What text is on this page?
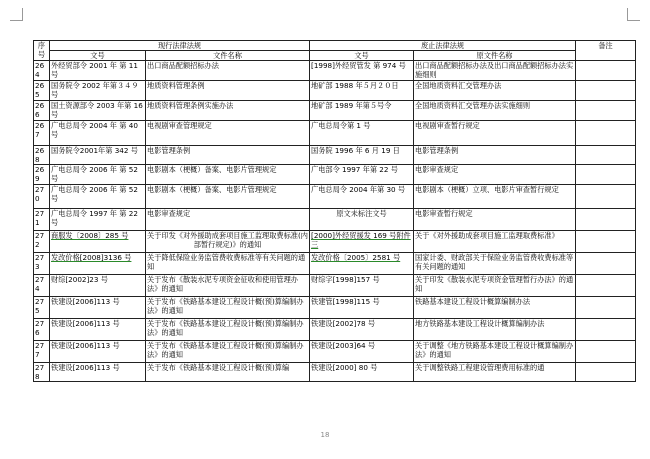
序号	现行法律法规		废止法律法规		备注
	文号	文件名称	文号	原文件名称	
264	外经贸部令 2001 年 第 11 号	出口商品配额招标办法	[1998]外经贸管发 第 974 号	出口商品配额招标办法及出口商品配额招标办法实施细则	
265	国务院令 2002 年第３４９号	地质资料管理条例	地矿部 1988 年５月２０日	全国地质资料汇交管理办法	
266	国土资源部令 2003 年第 16 号	地质资料管理条例实施办法	地矿部 1989 年第５号令	全国地质资料汇交管理办法实施细则	
267	广电总局令 2004 年 第 40 号	电视剧审查管理规定	广电总局令第 1 号	电视剧审查暂行规定	
268	国务院令2001年第 342 号	电影管理条例	国务院 1996 年 6 月 19 日	电影管理条例	
269	广电总局令 2006 年 第 52 号	电影剧本（梗概）备案、电影片管理规定	广电部令 1997 年第 22 号	电影审查规定	
270	广电总局令 2006 年 第 52 号	电影剧本（梗概）备案、电影片管理规定	广电总局令 2004 年第 30 号	电影剧本（梗概）立项、电影片审查暂行规定	
271	广电总局令 1997 年 第 22 号	电影审查规定	原文未标注文号	电影审查暂行规定	
272	商服发〔2008〕285 号	关于印发《对外援助成套项目施工监理取费标准(内部暂行规定)》的通知	[2000]外经贸援发 169 号附件三	关于《对外援助成套项目施工监理取费标准》	
273	发改价格[2008]3136 号	关于降低保险业务监管费收费标准等有关问题的通知	发改价格〔2005〕2581 号	国家计委、财政部关于保险业务监管费收费标准等有关问题的通知	
274	财综[2002]23 号	关于发布《散装水泥专项资金征收和使用管理办法》的通知	财综字[1998]157 号	关于印发《散装水泥专项资金管理暂行办法》的通知	
275	铁建设[2006]113 号	关于发布《铁路基本建设工程设计概(预)算编制办法》的通知	铁建管[1998]115 号	铁路基本建设工程设计概算编制办法	
276	铁建设[2006]113 号	关于发布《铁路基本建设工程设计概(预)算编制办法》的通知	铁建设[2002]78 号	地方铁路基本建设工程设计概算编制办法	
277	铁建设[2006]113 号	关于发布《铁路基本建设工程设计概(预)算编制办法》的通知	铁建设[2003]64 号	关于调整《地方铁路基本建设工程设计概算编制办法》的通知	
278	铁建设[2006]113 号	关于发布《铁路基本建设工程设计概(预)算编	铁建设[2000] 80 号	关于调整铁路工程建设管理费用标准的通	
18
